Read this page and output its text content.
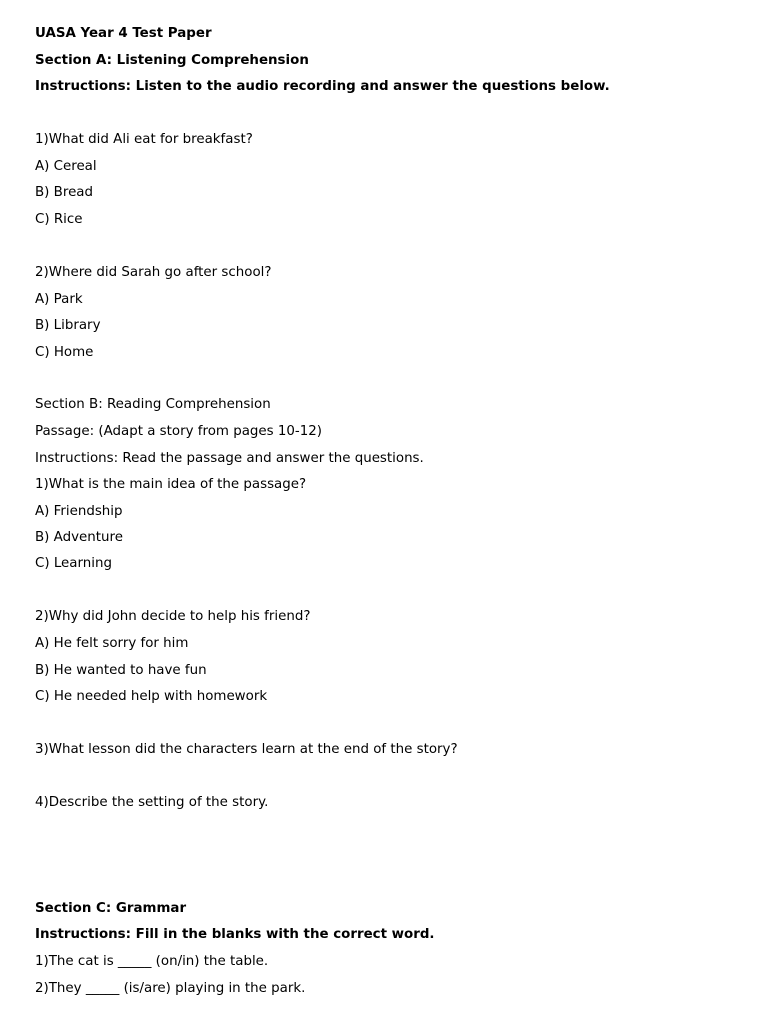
UASA Year 4 Test Paper
Section A: Listening Comprehension
Instructions: Listen to the audio recording and answer the questions below.
1)What did Ali eat for breakfast?
A) Cereal
B) Bread
C) Rice
2)Where did Sarah go after school?
A) Park
B) Library
C) Home
Section B: Reading Comprehension
Passage: (Adapt a story from pages 10-12)
Instructions: Read the passage and answer the questions.
1)What is the main idea of the passage?
A) Friendship
B) Adventure
C) Learning
2)Why did John decide to help his friend?
A) He felt sorry for him
B) He wanted to have fun
C) He needed help with homework
3)What lesson did the characters learn at the end of the story?
4)Describe the setting of the story.
Section C: Grammar
Instructions: Fill in the blanks with the correct word.
1)The cat is _____ (on/in) the table.
2)They _____ (is/are) playing in the park.
